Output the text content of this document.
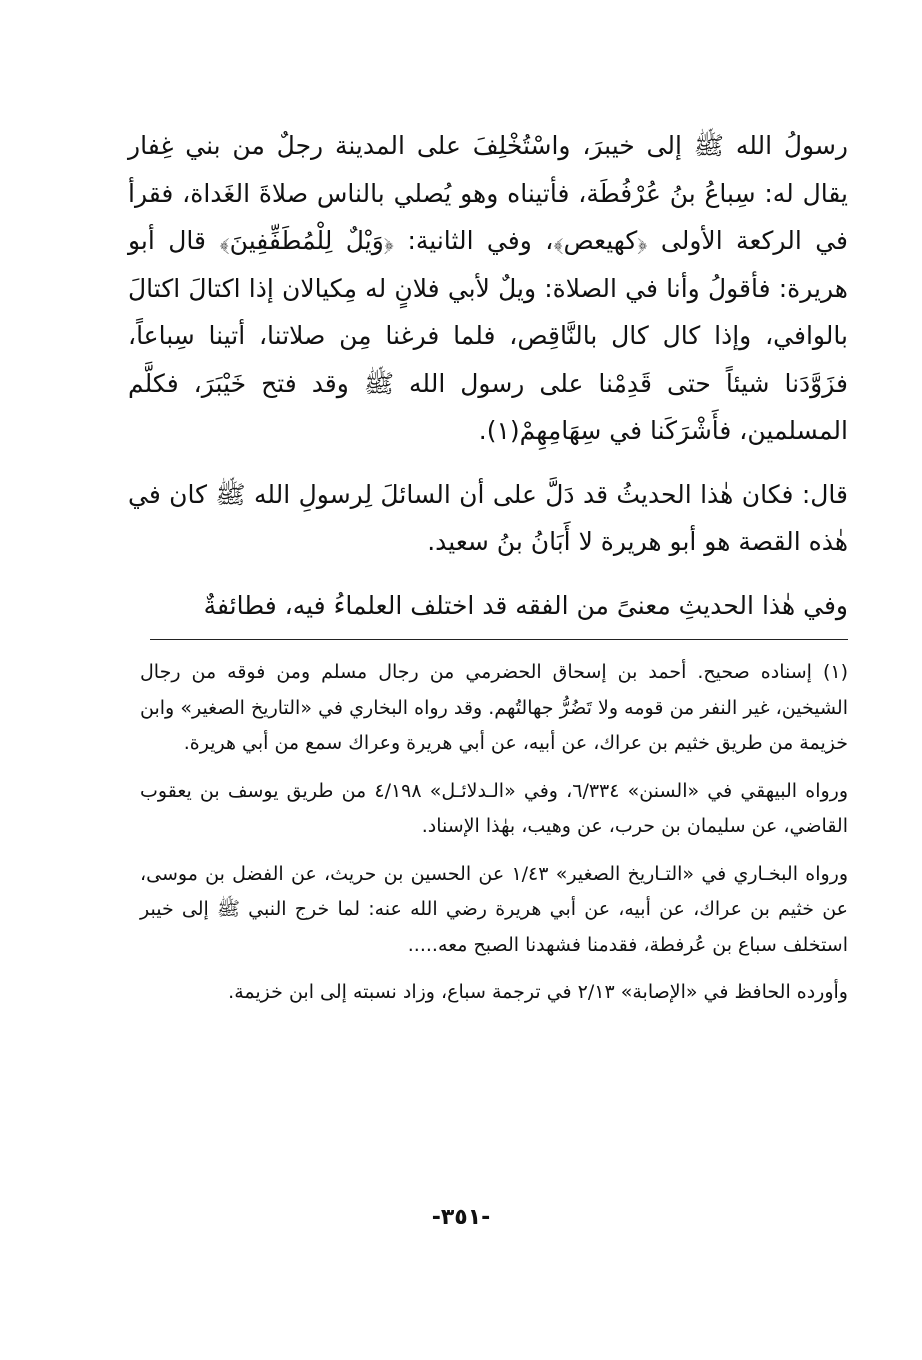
رسولُ الله ﷺ إلى خيبرَ، واسْتُخْلِفَ على المدينة رجلٌ من بني غِفار يقال له: سِباعُ بنُ عُرْفُطَة، فأتيناه وهو يُصلي بالناس صلاةَ الغَداة، فقرأ في الركعة الأولى ﴿كهيعص﴾، وفي الثانية: ﴿وَيْلٌ لِلْمُطَفِّفِينَ﴾ قال أبو هريرة: فأقولُ وأنا في الصلاة: ويلٌ لأبي فلانٍ له مِكيالان إذا اكتالَ اكتالَ بالوافي، وإذا كال كال بالنَّاقِص، فلما فرغنا مِن صلاتنا، أتينا سِباعاً، فزَوَّدَنا شيئاً حتى قَدِمْنا على رسول الله ﷺ وقد فتح خَيْبَرَ، فكلَّم المسلمين، فأَشْرَكَنا في سِهَامِهِمْ(١).

قال: فكان هٰذا الحديثُ قد دَلَّ على أن السائلَ لِرسولِ الله ﷺ كان في هٰذه القصة هو أبو هريرة لا أَبَانُ بنُ سعيد.

وفي هٰذا الحديثِ معنىً من الفقه قد اختلف العلماءُ فيه، فطائفةٌ

(١) إسناده صحيح. أحمد بن إسحاق الحضرمي من رجال مسلم ومن فوقه من رجال الشيخين، غير النفر من قومه ولا تَضُرُّ جهالتُهم. وقد رواه البخاري في «التاريخ الصغير» وابن خزيمة من طريق خثيم بن عراك، عن أبيه، عن أبي هريرة وعراك سمع من أبي هريرة.

ورواه البيهقي في «السنن» ٦/٣٣٤، وفي «الـدلائـل» ٤/١٩٨ من طريق يوسف بن يعقوب القاضي، عن سليمان بن حرب، عن وهيب، بهٰذا الإسناد.

ورواه البخـاري في «التـاريخ الصغير» ١/٤٣ عن الحسين بن حريث، عن الفضل بن موسى، عن خثيم بن عراك، عن أبيه، عن أبي هريرة رضي الله عنه: لما خرج النبي ﷺ إلى خيبر استخلف سباع بن عُرفطة، فقدمنا فشهدنا الصبح معه.....

وأورده الحافظ في «الإصابة» ٢/١٣ في ترجمة سباع، وزاد نسبته إلى ابن خزيمة.

-٣٥١-
